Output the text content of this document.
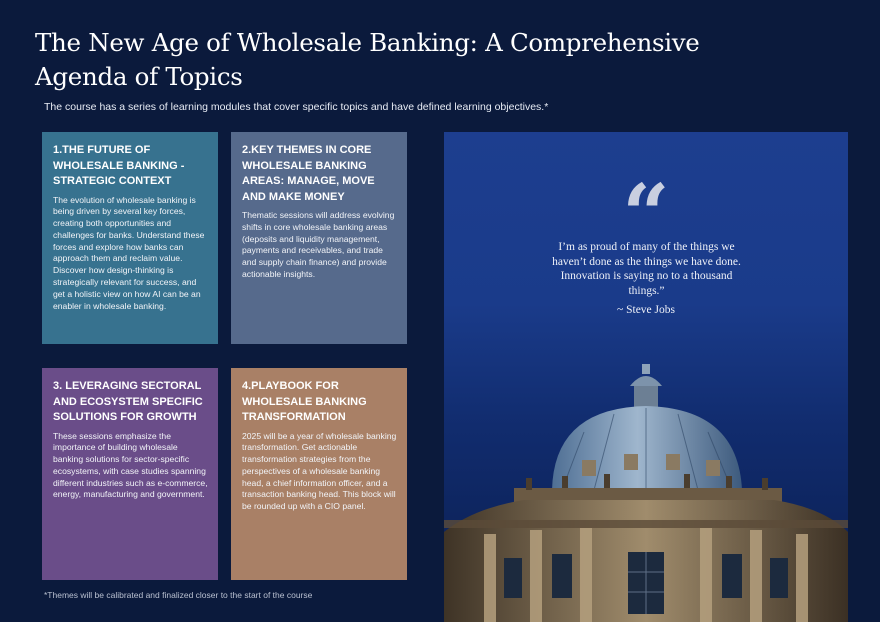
The New Age of Wholesale Banking: A Comprehensive Agenda of Topics

The course has a series of learning modules that cover specific topics and have defined learning objectives.*

1.THE FUTURE OF WHOLESALE BANKING - STRATEGIC CONTEXT

The evolution of wholesale banking is being driven by several key forces, creating both opportunities and challenges for banks. Understand these forces and explore how banks can approach them and reclaim value. Discover how design-thinking is strategically relevant for success, and get a holistic view on how AI can be an enabler in wholesale banking.

2.KEY THEMES IN CORE WHOLESALE BANKING AREAS: MANAGE, MOVE AND MAKE MONEY

Thematic sessions will address evolving shifts in core wholesale banking areas (deposits and liquidity management, payments and receivables, and trade and supply chain finance) and provide actionable insights.

3. LEVERAGING SECTORAL AND ECOSYSTEM SPECIFIC SOLUTIONS FOR GROWTH

These sessions emphasize the importance of building wholesale banking solutions for sector-specific ecosystems, with case studies spanning different industries such as e-commerce, energy, manufacturing and government.

4.PLAYBOOK FOR WHOLESALE BANKING TRANSFORMATION

2025 will be a year of wholesale banking transformation. Get actionable transformation strategies from the perspectives of a wholesale banking head, a chief information officer, and a transaction banking head. This block will be rounded up with a CIO panel.

“

I’m as proud of many of the things we haven’t done as the things we have done. Innovation is saying no to a thousand things.”

~ Steve Jobs

*Themes will be calibrated and finalized closer to the start of the course
